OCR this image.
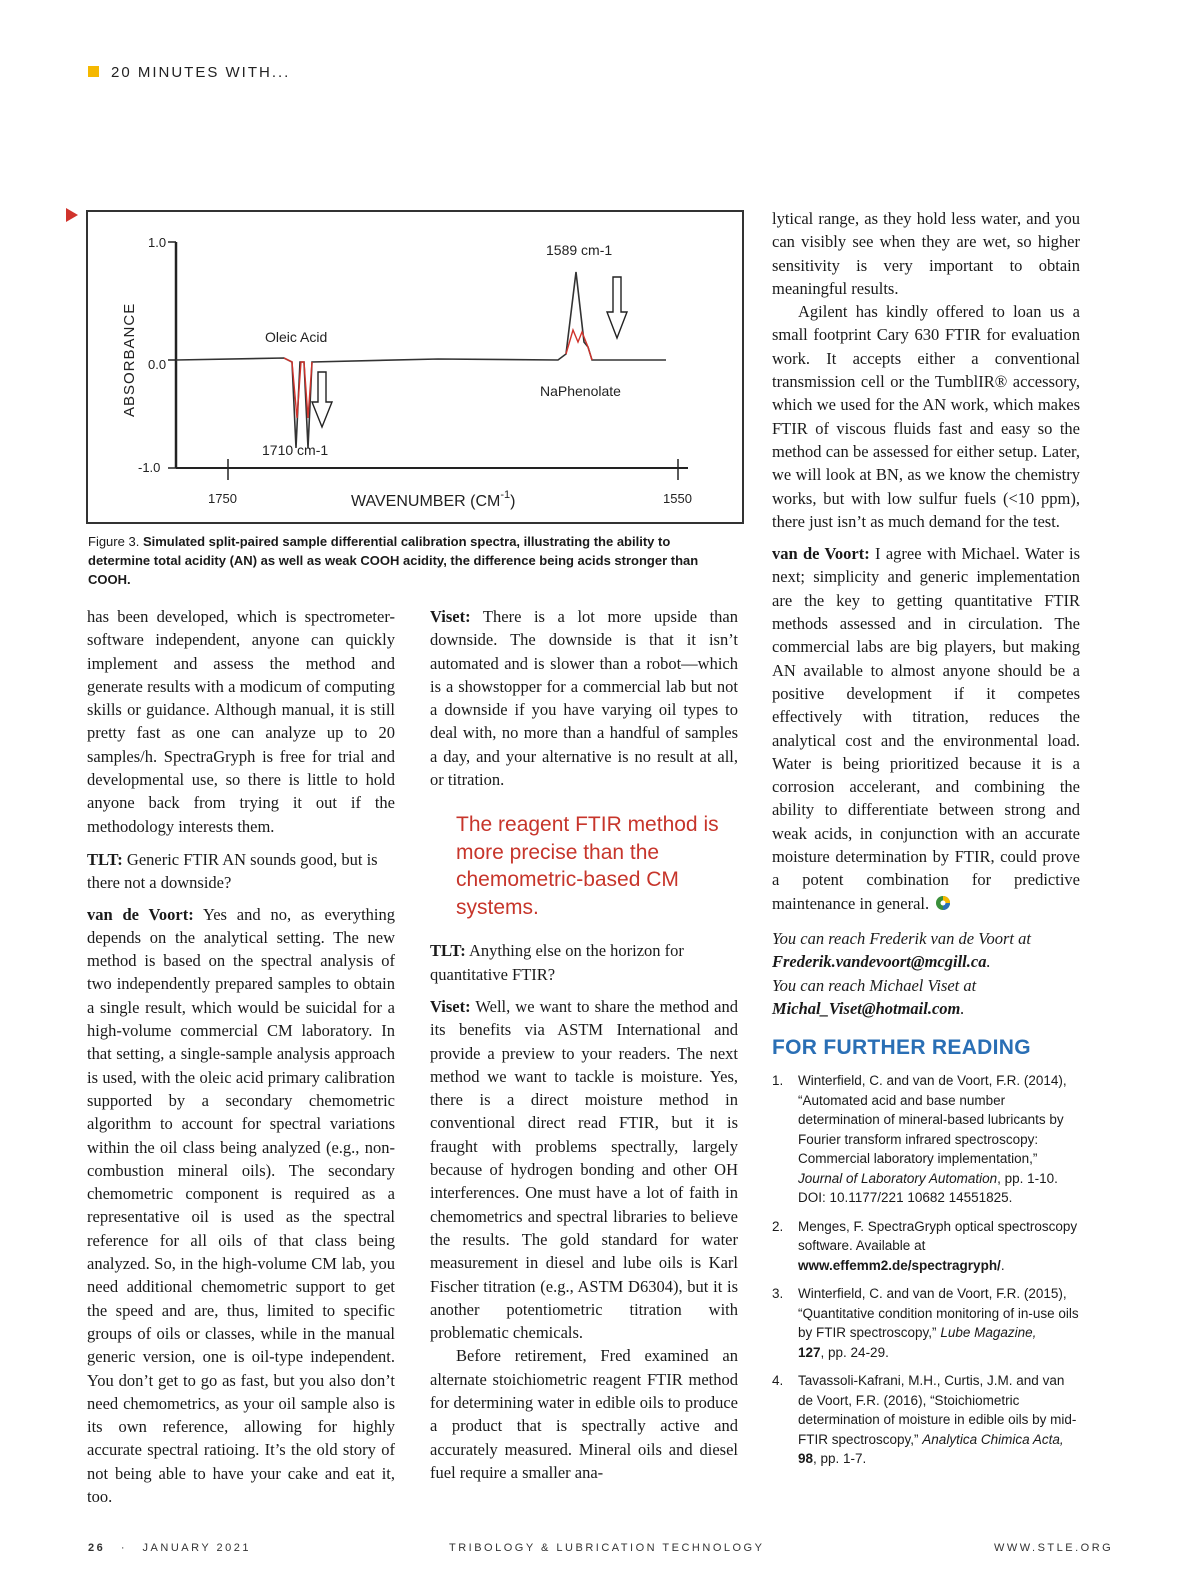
20 MINUTES WITH...
1.0
0.0
-1.0
1750	1550
ABSORBANCE
WAVENUMBER $(CM^{-1})$
Oleic Acid
1710 cm-1
1589 cm-1
NaPhenolate
Figure 3. Simulated split-paired sample differential calibration spectra, illustrating the ability to determine total acidity (AN) as well as weak COOH acidity, the difference being acids stronger than COOH.

has been developed, which is spectrometer-software independent, anyone can quickly implement and assess the method and generate results with a modicum of computing skills or guidance. Although manual, it is still pretty fast as one can analyze up to 20 samples/h. SpectraGryph is free for trial and developmental use, so there is little to hold anyone back from trying it out if the methodology interests them.

TLT: Generic FTIR AN sounds good, but is there not a downside?

van de Voort: Yes and no, as everything depends on the analytical setting. The new method is based on the spectral analysis of two independently prepared samples to obtain a single result, which would be suicidal for a high-volume commercial CM laboratory. In that setting, a single-sample analysis approach is used, with the oleic acid primary calibration supported by a secondary chemometric algorithm to account for spectral variations within the oil class being analyzed (e.g., non-combustion mineral oils). The secondary chemometric component is required as a representative oil is used as the spectral reference for all oils of that class being analyzed. So, in the high-volume CM lab, you need additional chemometric support to get the speed and are, thus, limited to specific groups of oils or classes, while in the manual generic version, one is oil-type independent. You don’t get to go as fast, but you also don’t need chemometrics, as your oil sample also is its own reference, allowing for highly accurate spectral ratioing. It’s the old story of not being able to have your cake and eat it, too.

Viset: There is a lot more upside than downside. The downside is that it isn’t automated and is slower than a robot—which is a showstopper for a commercial lab but not a downside if you have varying oil types to deal with, no more than a handful of samples a day, and your alternative is no result at all, or titration.

The reagent FTIR method is more precise than the chemometric-based CM systems.

TLT: Anything else on the horizon for quantitative FTIR?

Viset: Well, we want to share the method and its benefits via ASTM International and provide a preview to your readers. The next method we want to tackle is moisture. Yes, there is a direct moisture method in conventional direct read FTIR, but it is fraught with problems spectrally, largely because of hydrogen bonding and other OH interferences. One must have a lot of faith in chemometrics and spectral libraries to believe the results. The gold standard for water measurement in diesel and lube oils is Karl Fischer titration (e.g., ASTM D6304), but it is another potentiometric titration with problematic chemicals.

Before retirement, Fred examined an alternate stoichiometric reagent FTIR method for determining water in edible oils to produce a product that is spectrally active and accurately measured. Mineral oils and diesel fuel require a smaller ana-

lytical range, as they hold less water, and you can visibly see when they are wet, so higher sensitivity is very important to obtain meaningful results.

Agilent has kindly offered to loan us a small footprint Cary 630 FTIR for evaluation work. It accepts either a conventional transmission cell or the TumblIR® accessory, which we used for the AN work, which makes FTIR of viscous fluids fast and easy so the method can be assessed for either setup. Later, we will look at BN, as we know the chemistry works, but with low sulfur fuels (<10 ppm), there just isn’t as much demand for the test.

van de Voort: I agree with Michael. Water is next; simplicity and generic implementation are the key to getting quantitative FTIR methods assessed and in circulation. The commercial labs are big players, but making AN available to almost anyone should be a positive development if it competes effectively with titration, reduces the analytical cost and the environmental load. Water is being prioritized because it is a corrosion accelerant, and combining the ability to differentiate between strong and weak acids, in conjunction with an accurate moisture determination by FTIR, could prove a potent combination for predictive maintenance in general.

You can reach Frederik van de Voort at
Frederik.vandevoort@mcgill.ca.

You can reach Michael Viset at
Michal_Viset@hotmail.com.

FOR FURTHER READING
1. Winterfield, C. and van de Voort, F.R. (2014), “Automated acid and base number determination of mineral-based lubricants by Fourier transform infrared spectroscopy: Commercial laboratory implementation,”
Journal of Laboratory Automation, pp. 1-10. DOI: 10.1177/221 10682 14551825.
2. Menges, F. SpectraGryph optical spectroscopy software. Available at www.effemm2.de/spectragryph/.
3. Winterfield, C. and van de Voort, F.R. (2015), “Quantitative condition monitoring of in-use oils by FTIR spectroscopy,” Lube Magazine,
127, pp. 24-29.
4. Tavassoli-Kafrani, M.H., Curtis, J.M. and van de Voort, F.R. (2016), “Stoichiometric determination of moisture in edible oils by mid-FTIR spectroscopy,” Analytica Chimica Acta, 98, pp. 1-7.
26 · JANUARY 2021	TRIBOLOGY & LUBRICATION TECHNOLOGY	WWW.STLE.ORG
